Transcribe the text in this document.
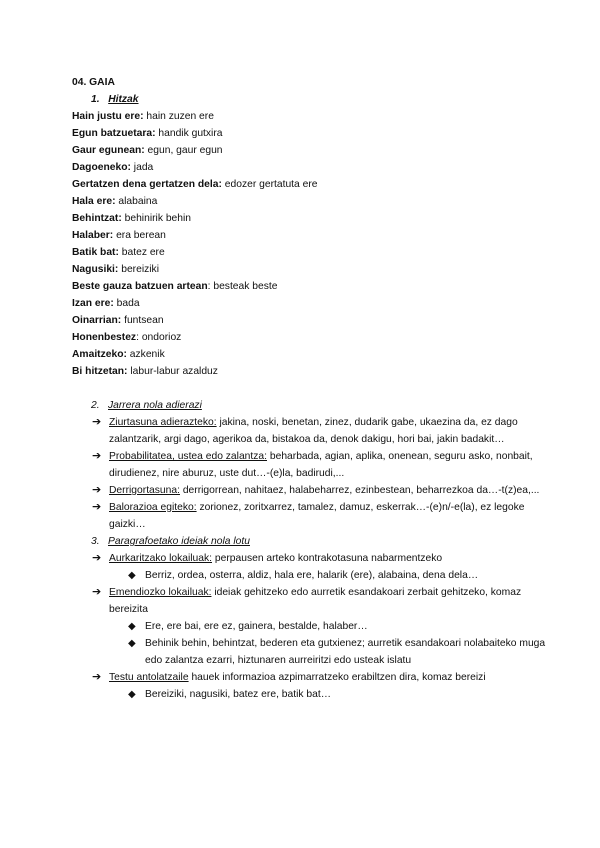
04. GAIA
1. Hitzak
Hain justu ere: hain zuzen ere
Egun batzuetara: handik gutxira
Gaur egunean: egun, gaur egun
Dagoeneko: jada
Gertatzen dena gertatzen dela: edozer gertatuta ere
Hala ere: alabaina
Behintzat: behinirik behin
Halaber: era berean
Batik bat: batez ere
Nagusiki: bereiziki
Beste gauza batzuen artean: besteak beste
Izan ere: bada
Oinarrian: funtsean
Honenbestez: ondorioz
Amaitzeko: azkenik
Bi hitzetan: labur-labur azalduz
2. Jarrera nola adierazi
➔ Ziurtasuna adierazteko: jakina, noski, benetan, zinez, dudarik gabe, ukaezina da, ez dago zalantzarik, argi dago, agerikoa da, bistakoa da, denok dakigu, hori bai, jakin badakit…
➔ Probabilitatea, ustea edo zalantza: beharbada, agian, aplika, onenean, seguru asko, nonbait, dirudienez, nire aburuz, uste dut…-(e)la, badirudi,...
➔ Derrigortasuna: derrigorrean, nahitaez, halabeharrez, ezinbestean, beharrezkoa da…-t(z)ea,...
➔ Balorazioa egiteko: zorionez, zoritxarrez, tamalez, damuz, eskerrak…-(e)n/-e(la), ez legoke gaizki…
3. Paragrafoetako ideiak nola lotu
➔ Aurkaritzako lokailuak: perpausen arteko kontrakotasuna nabarmentzeko
◆ Berriz, ordea, osterra, aldiz, hala ere, halarik (ere), alabaina, dena dela…
➔ Emendiozko lokailuak: ideiak gehitzeko edo aurretik esandakoari zerbait gehitzeko, komaz bereizita
◆ Ere, ere bai, ere ez, gainera, bestalde, halaber…
◆ Behinik behin, behintzat, bederen eta gutxienez; aurretik esandakoari nolabaiteko muga edo zalantza ezarri, hiztunaren aurreiritzi edo usteak islatu
➔ Testu antolatzaile hauek informazioa azpimarratzeko erabiltzen dira, komaz bereizi
◆ Bereiziki, nagusiki, batez ere, batik bat…
